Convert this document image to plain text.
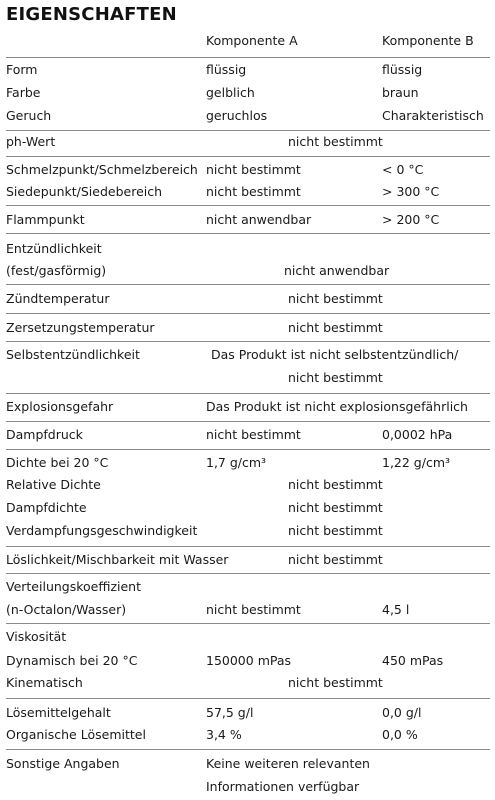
EIGENSCHAFTEN
Komponente A	Komponente B
Form	flüssig	flüssig
Farbe	gelblich	braun
Geruch	geruchlos	Charakteristisch
ph-Wert	nicht bestimmt
Schmelzpunkt/Schmelzbereich nicht bestimmt	< 0 °C
Siedepunkt/Siedebereich	nicht bestimmt	> 300 °C
Flammpunkt	nicht anwendbar	> 200 °C
Entzündlichkeit
(fest/gasförmig)	nicht anwendbar
Zündtemperatur	nicht bestimmt
Zersetzungstemperatur	nicht bestimmt
Selbstentzündlichkeit	Das Produkt ist nicht selbstentzündlich/
nicht bestimmt
Explosionsgefahr	Das Produkt ist nicht explosionsgefährlich
Dampfdruck	nicht bestimmt	0,0002 hPa
Dichte bei 20 °C	1,7 g/cm³	1,22 g/cm³
Relative Dichte	nicht bestimmt
Dampfdichte	nicht bestimmt
Verdampfungsgeschwindigkeit	nicht bestimmt
Löslichkeit/Mischbarkeit mit Wasser	nicht bestimmt
Verteilungskoeffizient
(n-Octalon/Wasser)	nicht bestimmt	4,5 l
Viskosität
Dynamisch bei 20 °C	150000 mPas	450 mPas
Kinematisch	nicht bestimmt
Lösemittelgehalt	57,5 g/l	0,0 g/l
Organische Lösemittel	3,4 %	0,0 %
Sonstige Angaben	Keine weiteren relevanten
Informationen verfügbar
